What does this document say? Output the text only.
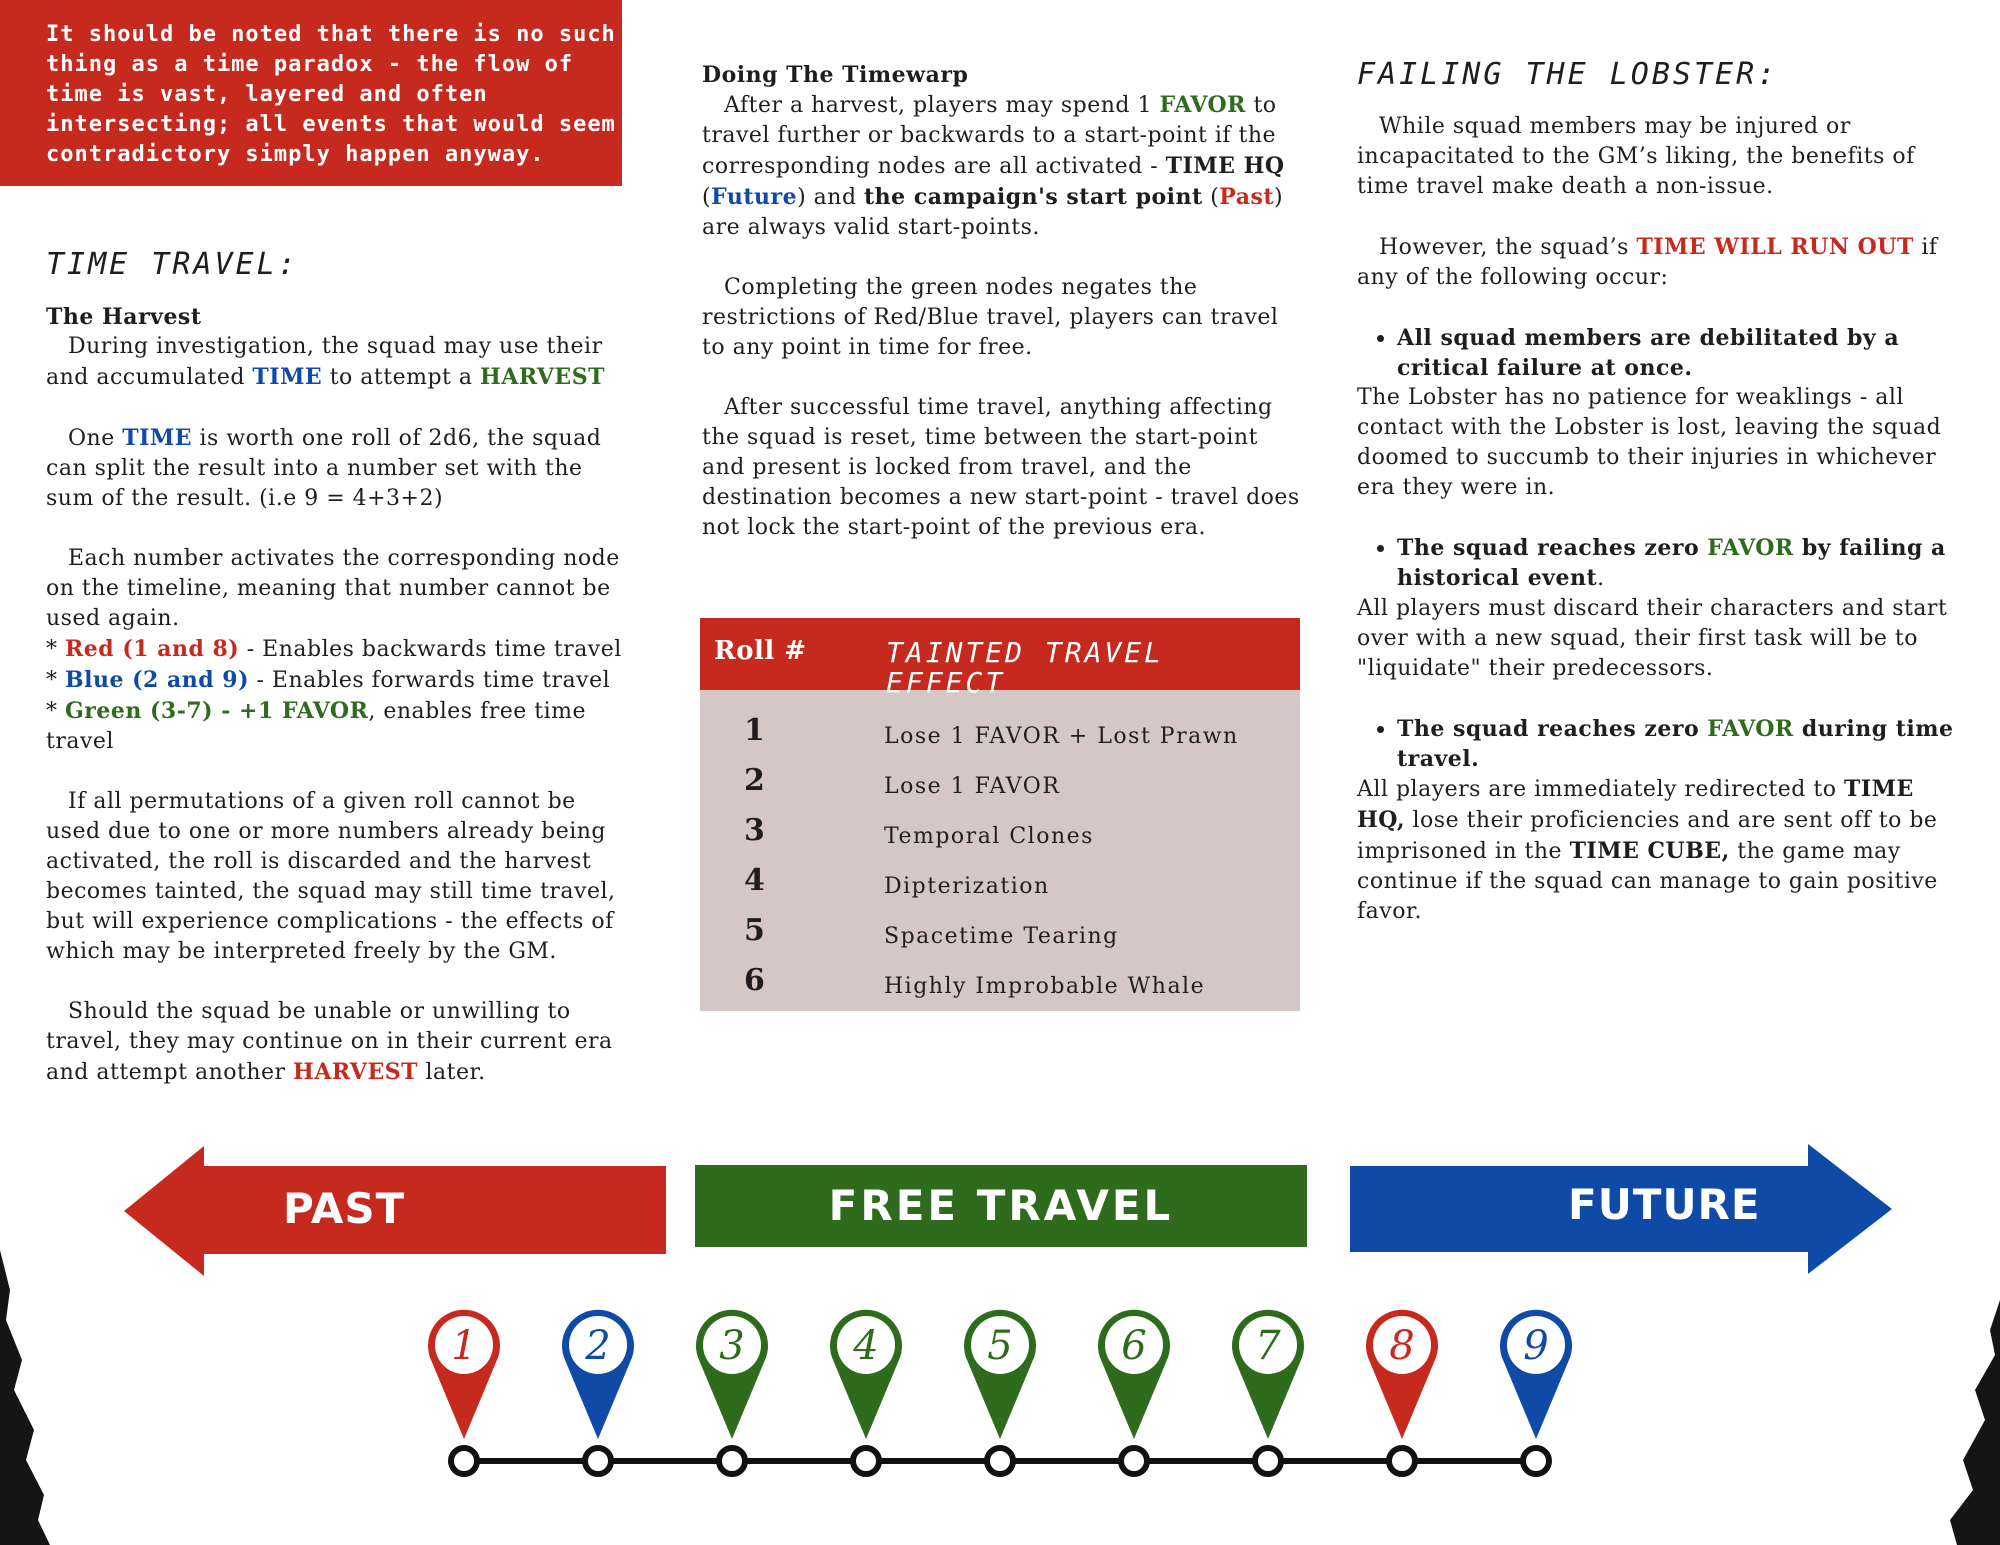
It should be noted that there is no such thing as a time paradox - the flow of time is vast, layered and often intersecting; all events that would seem contradictory simply happen anyway.
TIME TRAVEL:

The Harvest

During investigation, the squad may use their and accumulated TIME to attempt a HARVEST

One TIME is worth one roll of 2d6, the squad can split the result into a number set with the sum of the result. (i.e 9 = 4+3+2)

Each number activates the corresponding node on the timeline, meaning that number cannot be used again.

* Red (1 and 8) - Enables backwards time travel

* Blue (2 and 9) - Enables forwards time travel

* Green (3-7) - +1 FAVOR, enables free time travel

If all permutations of a given roll cannot be used due to one or more numbers already being activated, the roll is discarded and the harvest becomes tainted, the squad may still time travel, but will experience complications - the effects of which may be interpreted freely by the GM.

Should the squad be unable or unwilling to travel, they may continue on in their current era and attempt another HARVEST later.

Doing The Timewarp

After a harvest, players may spend 1 FAVOR to travel further or backwards to a start-point if the corresponding nodes are all activated - TIME HQ (Future) and the campaign's start point (Past) are always valid start-points.

Completing the green nodes negates the restrictions of Red/Blue travel, players can travel to any point in time for free.

After successful time travel, anything affecting the squad is reset, time between the start-point and present is locked from travel, and the destination becomes a new start-point - travel does not lock the start-point of the previous era.

Roll #	TAINTED TRAVEL EFFECT
1	Lose 1 FAVOR + Lost Prawn
2	Lose 1 FAVOR
3	Temporal Clones
4	Dipterization
5	Spacetime Tearing
6	Highly Improbable Whale
FAILING THE LOBSTER:

While squad members may be injured or incapacitated to the GM’s liking, the benefits of time travel make death a non-issue.

However, the squad’s TIME WILL RUN OUT if any of the following occur:

• All squad members are debilitated by a critical failure at once.

The Lobster has no patience for weaklings - all contact with the Lobster is lost, leaving the squad doomed to succumb to their injuries in whichever era they were in.

• The squad reaches zero FAVOR by failing a historical event.

All players must discard their characters and start over with a new squad, their first task will be to "liquidate" their predecessors.

• The squad reaches zero FAVOR during time travel.

All players are immediately redirected to TIME HQ, lose their proficiencies and are sent off to be imprisoned in the TIME CUBE, the game may continue if the squad can manage to gain positive favor.

PAST	FREE TRAVEL	FUTURE
1	2	3	4	5	6	7	8	9
